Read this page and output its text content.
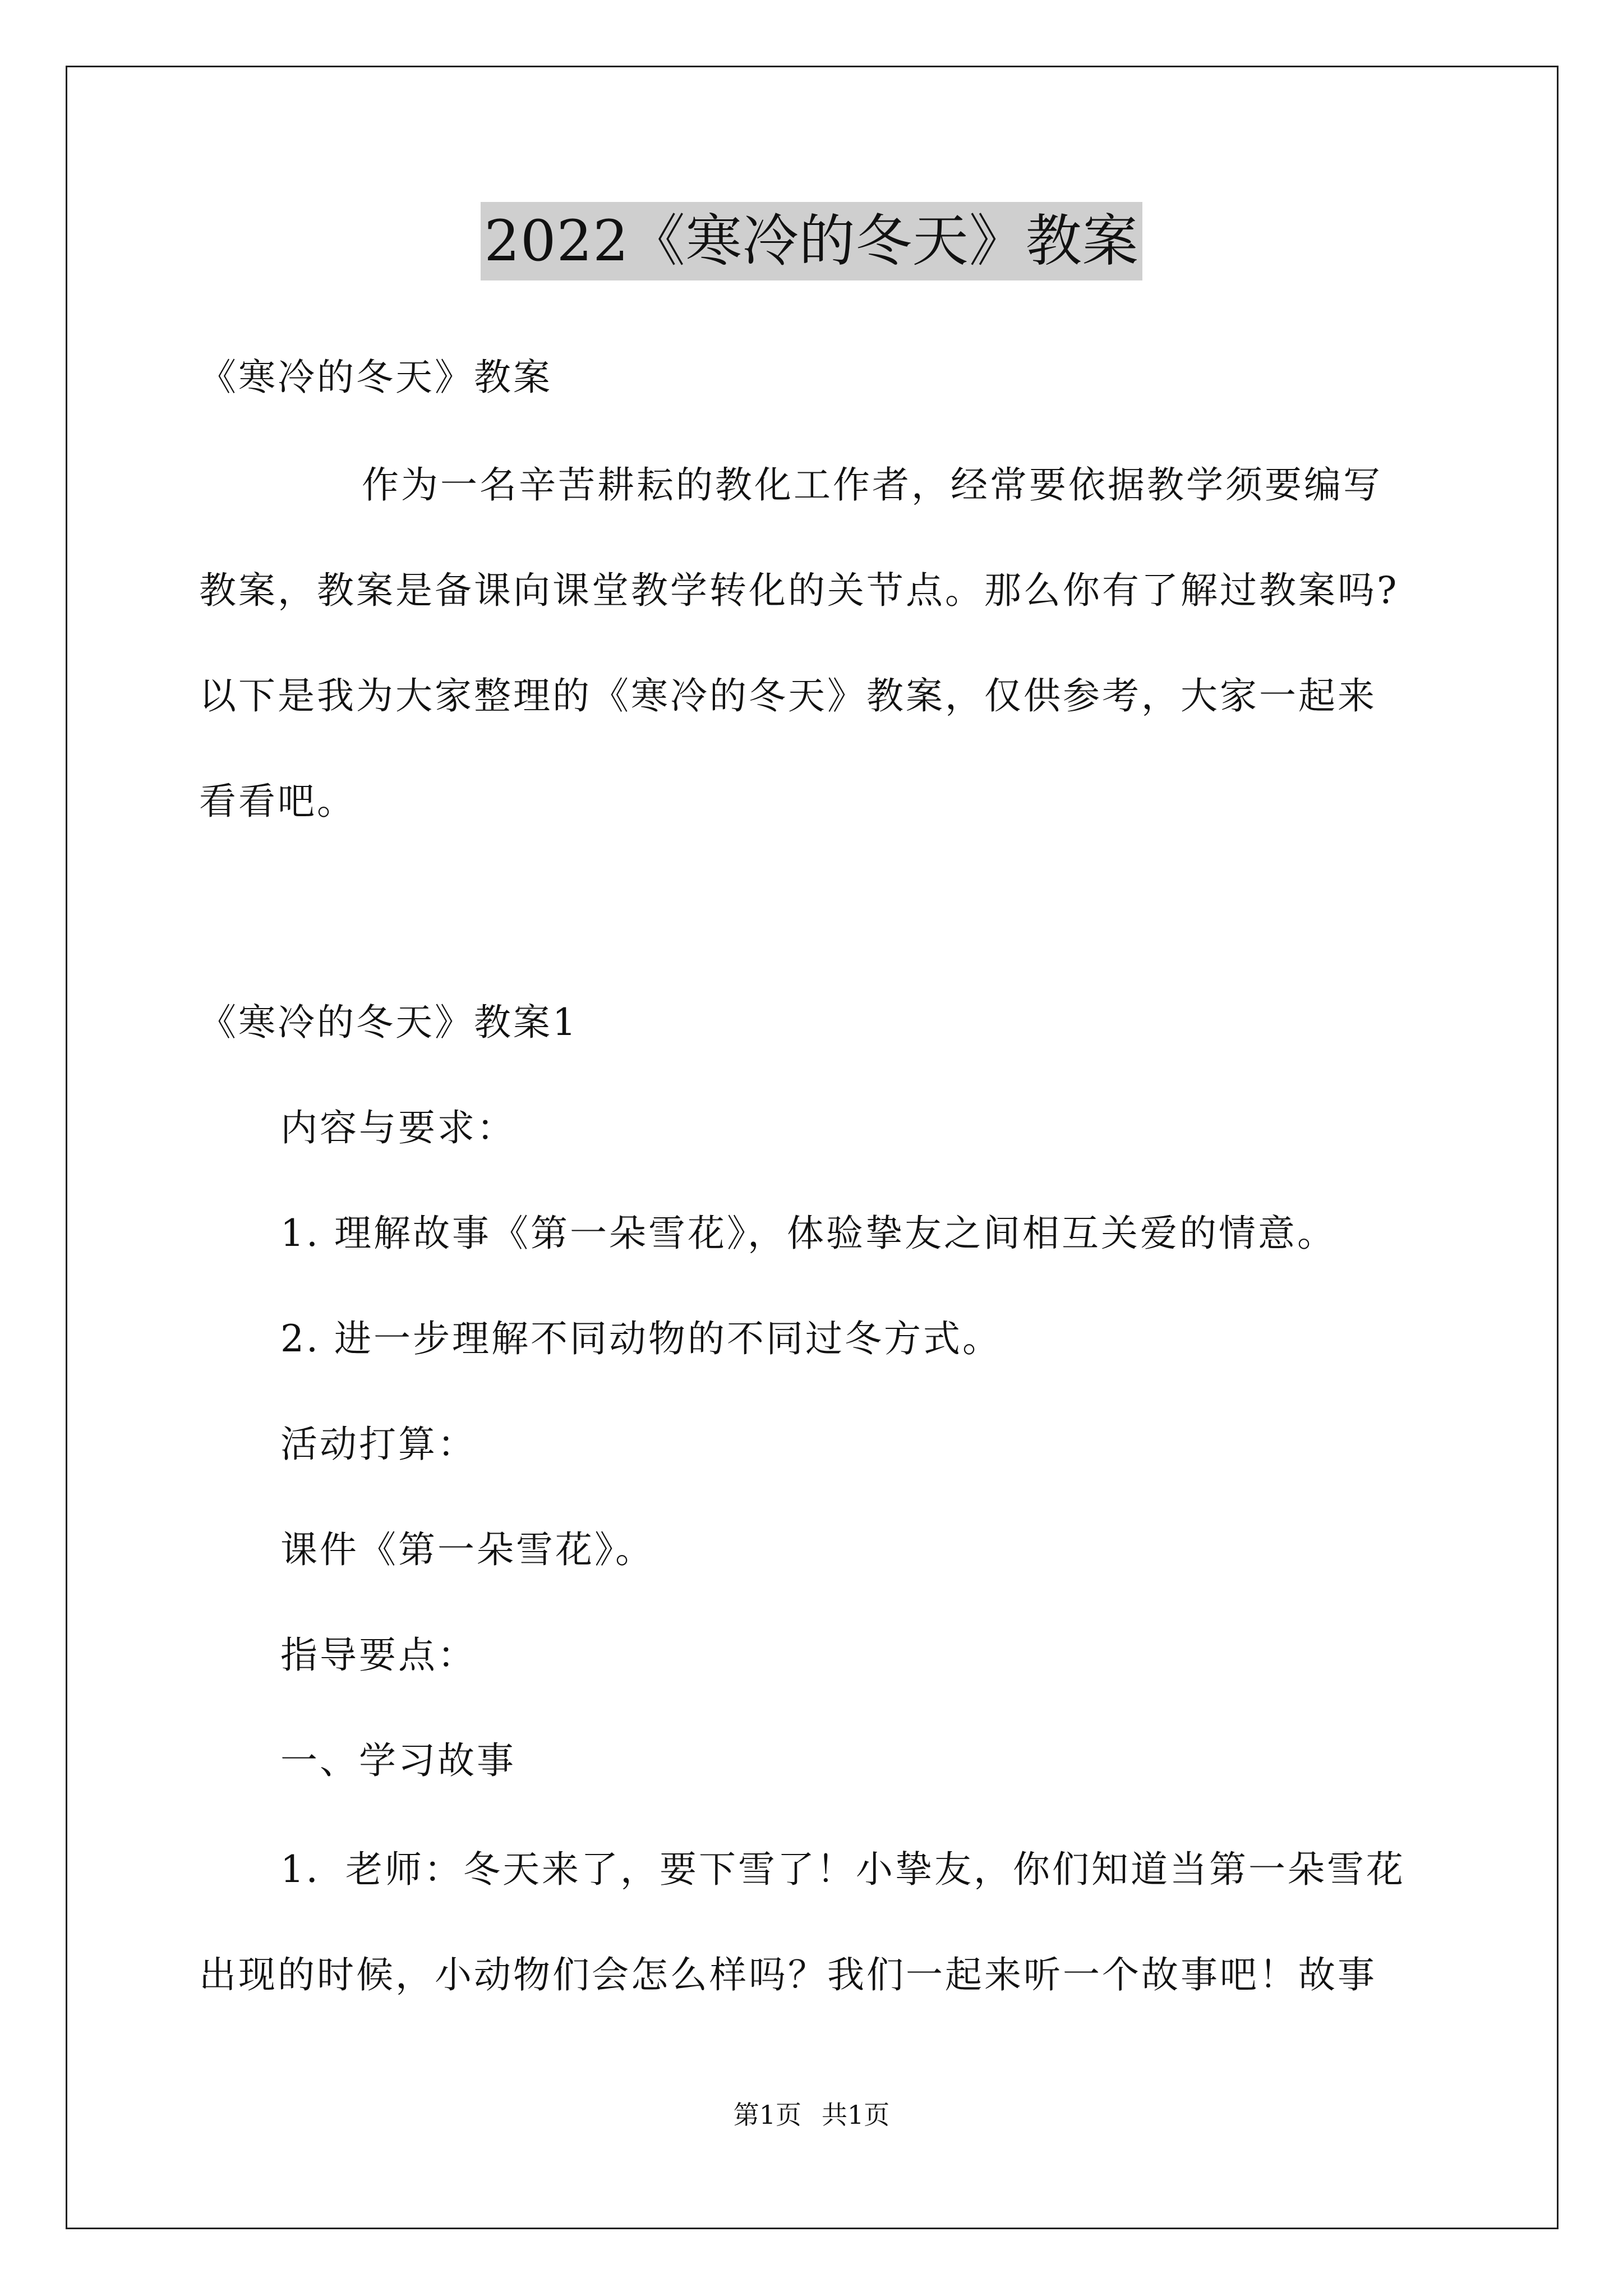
2022《寒冷的冬天》教案
《寒冷的冬天》教案
作为一名辛苦耕耘的教化工作者，经常要依据教学须要编写
教案，教案是备课向课堂教学转化的关节点。那么你有了解过教案吗?
以下是我为大家整理的《寒冷的冬天》教案，仅供参考，大家一起来
看看吧。
《寒冷的冬天》教案1
内容与要求：
1. 理解故事《第一朵雪花》，体验挚友之间相互关爱的情意。
2. 进一步理解不同动物的不同过冬方式。
活动打算：
课件《第一朵雪花》。
指导要点：
一、学习故事
1．老师：冬天来了，要下雪了！小挚友，你们知道当第一朵雪花
出现的时候，小动物们会怎么样吗？我们一起来听一个故事吧！故事
第1页 共1页
